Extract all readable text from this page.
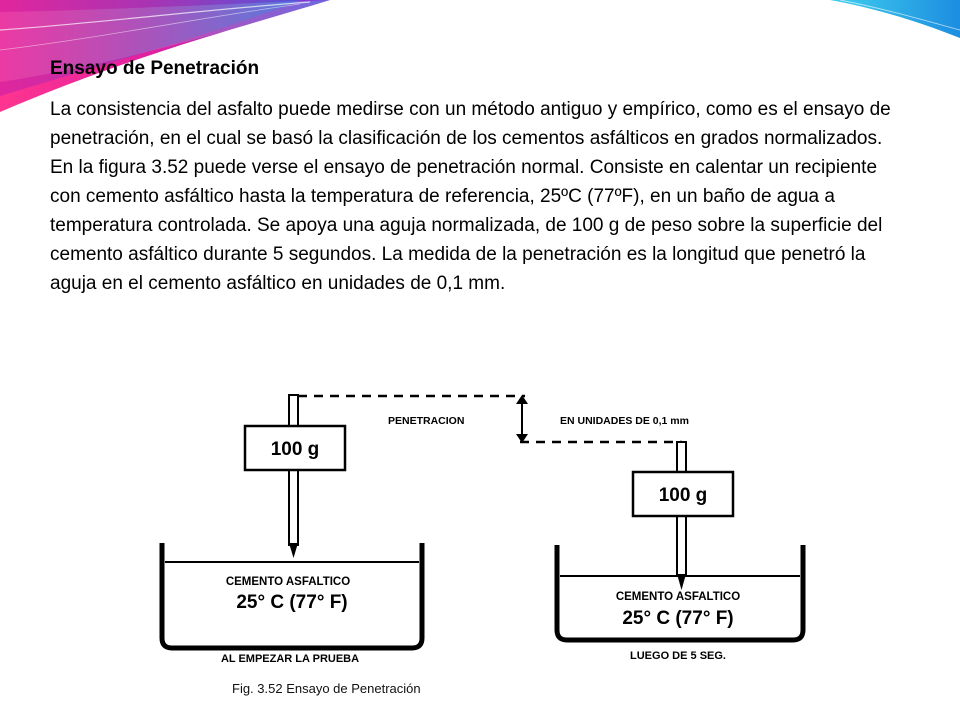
Ensayo de Penetración

La consistencia del asfalto puede medirse con un método antiguo y empírico, como es el ensayo de penetración, en el cual se basó la clasificación de los cementos asfálticos en grados normalizados. En la figura 3.52 puede verse el ensayo de penetración normal. Consiste en calentar un recipiente con cemento asfáltico hasta la temperatura de referencia, 25ºC (77ºF), en un baño de agua a temperatura controlada. Se apoya una aguja normalizada, de 100 g de peso sobre la superficie del cemento asfáltico durante 5 segundos. La medida de la penetración es la longitud que penetró la aguja en el cemento asfáltico en unidades de 0,1 mm.

100 g
CEMENTO ASFALTICO
25° C (77° F)
AL EMPEZAR LA PRUEBA
PENETRACION	EN UNIDADES DE 0,1 mm
100 g
CEMENTO ASFALTICO
25° C (77° F)
LUEGO DE 5 SEG.
Fig. 3.52 Ensayo de Penetración
